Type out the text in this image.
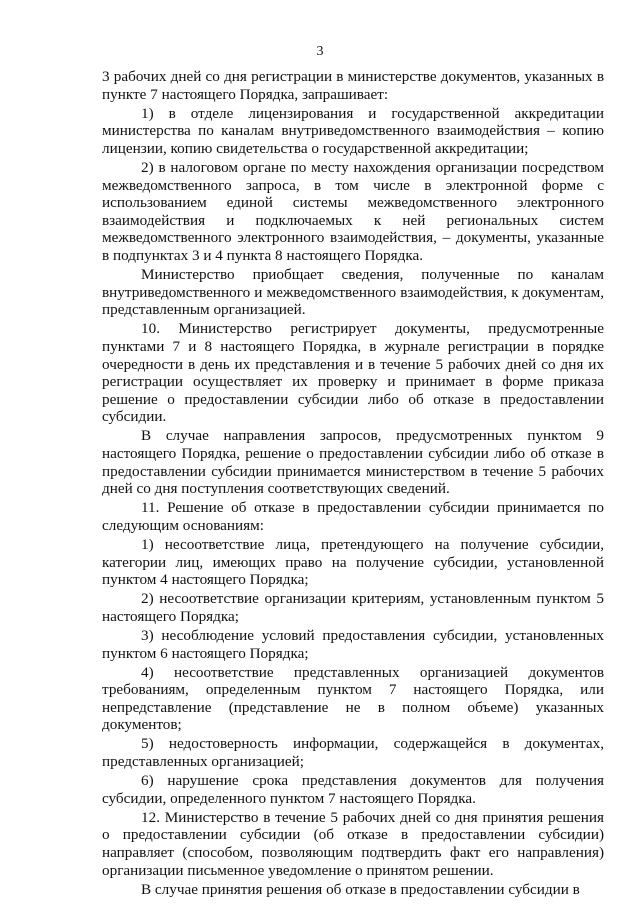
3

3 рабочих дней со дня регистрации в министерстве документов, указанных в пункте 7 настоящего Порядка, запрашивает:

1) в отделе лицензирования и государственной аккредитации министерства по каналам внутриведомственного взаимодействия – копию лицензии, копию свидетельства о государственной аккредитации;

2) в налоговом органе по месту нахождения организации посредством межведомственного запроса, в том числе в электронной форме с использованием единой системы межведомственного электронного взаимодействия и подключаемых к ней региональных систем межведомственного электронного взаимодействия, – документы, указанные в подпунктах 3 и 4 пункта 8 настоящего Порядка.

Министерство приобщает сведения, полученные по каналам внутриведомственного и межведомственного взаимодействия, к документам, представленным организацией.

10. Министерство регистрирует документы, предусмотренные пунктами 7 и 8 настоящего Порядка, в журнале регистрации в порядке очередности в день их представления и в течение 5 рабочих дней со дня их регистрации осуществляет их проверку и принимает в форме приказа решение о предоставлении субсидии либо об отказе в предоставлении субсидии.

В случае направления запросов, предусмотренных пунктом 9 настоящего Порядка, решение о предоставлении субсидии либо об отказе в предоставлении субсидии принимается министерством в течение 5 рабочих дней со дня поступления соответствующих сведений.

11. Решение об отказе в предоставлении субсидии принимается по следующим основаниям:

1) несоответствие лица, претендующего на получение субсидии, категории лиц, имеющих право на получение субсидии, установленной пунктом 4 настоящего Порядка;

2) несоответствие организации критериям, установленным пунктом 5 настоящего Порядка;

3) несоблюдение условий предоставления субсидии, установленных пунктом 6 настоящего Порядка;

4) несоответствие представленных организацией документов требованиям, определенным пунктом 7 настоящего Порядка, или непредставление (представление не в полном объеме) указанных документов;

5) недостоверность информации, содержащейся в документах, представленных организацией;

6) нарушение срока представления документов для получения субсидии, определенного пунктом 7 настоящего Порядка.

12. Министерство в течение 5 рабочих дней со дня принятия решения о предоставлении субсидии (об отказе в предоставлении субсидии) направляет (способом, позволяющим подтвердить факт его направления) организации письменное уведомление о принятом решении.

В случае принятия решения об отказе в предоставлении субсидии в
